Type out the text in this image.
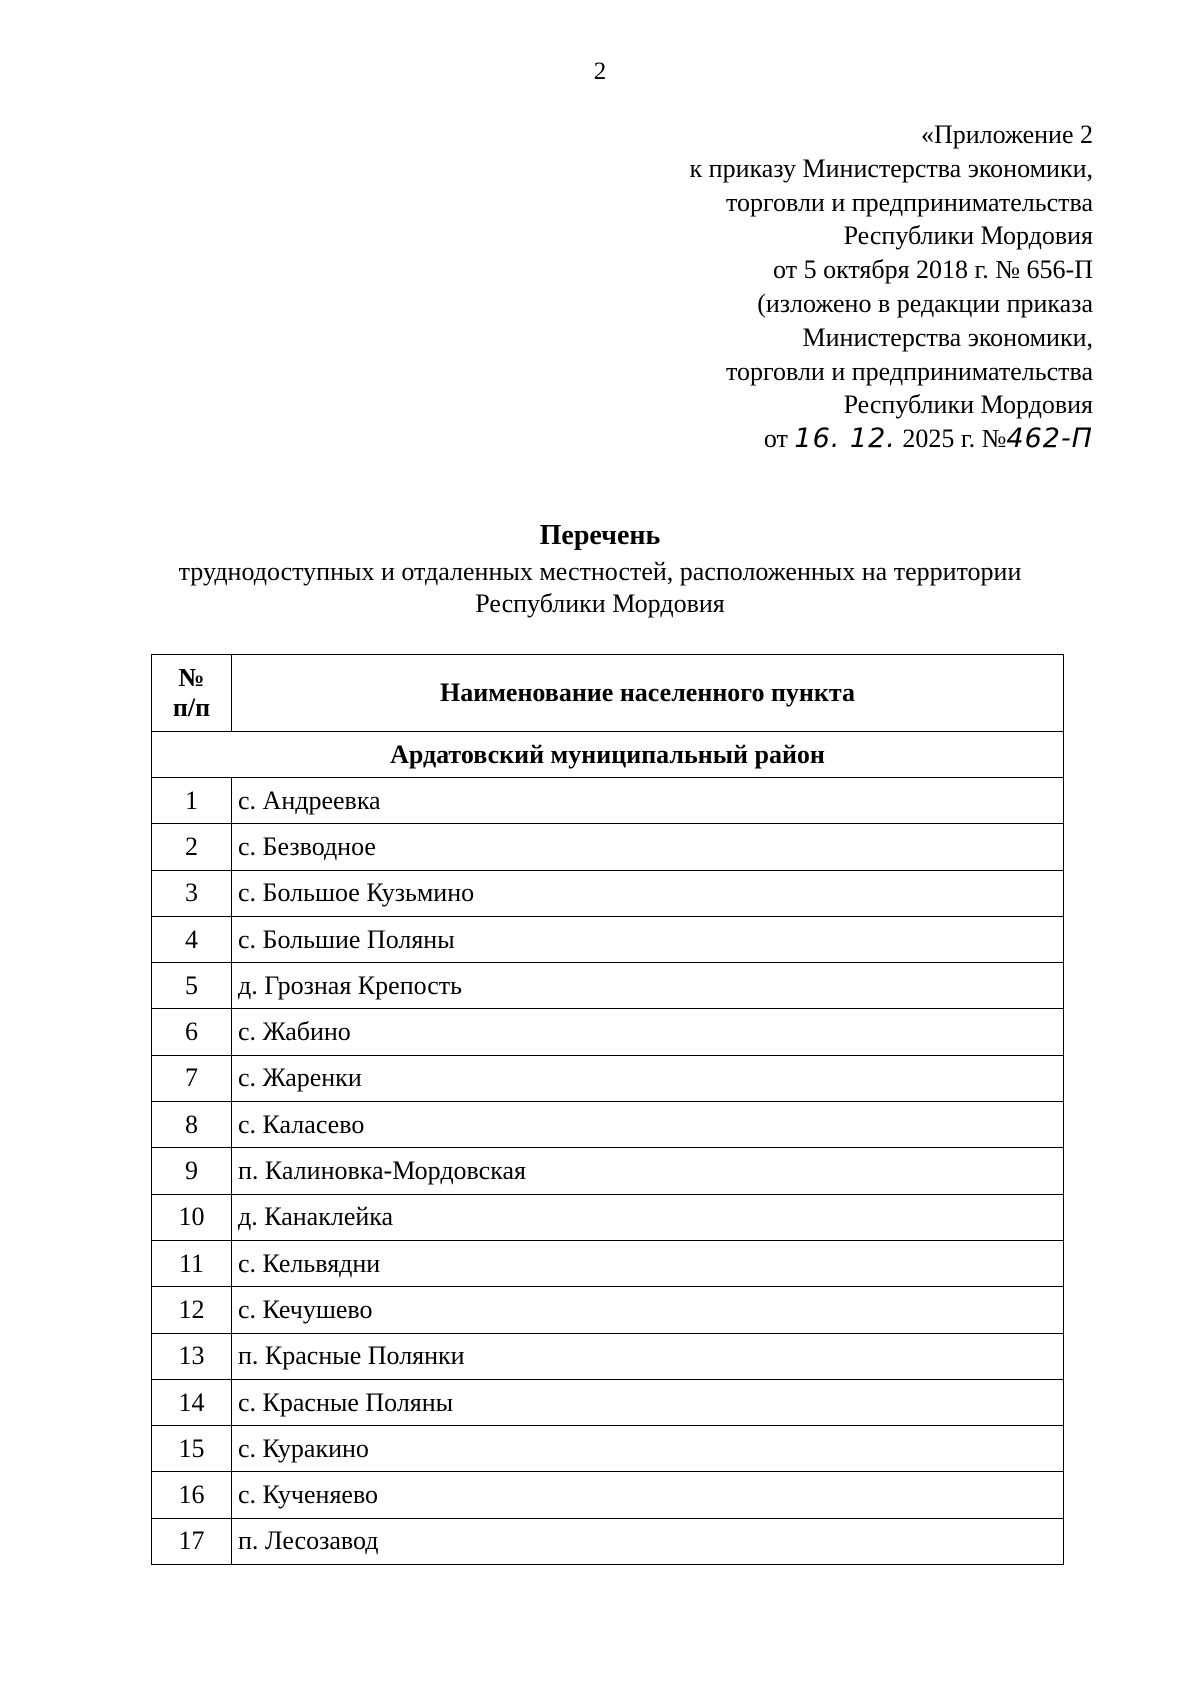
2
«Приложение 2
к приказу Министерства экономики,
торговли и предпринимательства
Республики Мордовия
от 5 октября 2018 г. № 656-П
(изложено в редакции приказа
Министерства экономики,
торговли и предпринимательства
Республики Мордовия
от 16. 12. 2025 г. №462-П
Перечень
труднодоступных и отдаленных местностей, расположенных на территории
Республики Мордовия
№
п/п	Наименование населенного пункта
Ардатовский муниципальный район	
1	с. Андреевка
2	с. Безводное
3	с. Большое Кузьмино
4	с. Большие Поляны
5	д. Грозная Крепость
6	с. Жабино
7	с. Жаренки
8	с. Каласево
9	п. Калиновка-Мордовская
10	д. Канаклейка
11	с. Кельвядни
12	с. Кечушево
13	п. Красные Полянки
14	с. Красные Поляны
15	с. Куракино
16	с. Кученяево
17	п. Лесозавод
